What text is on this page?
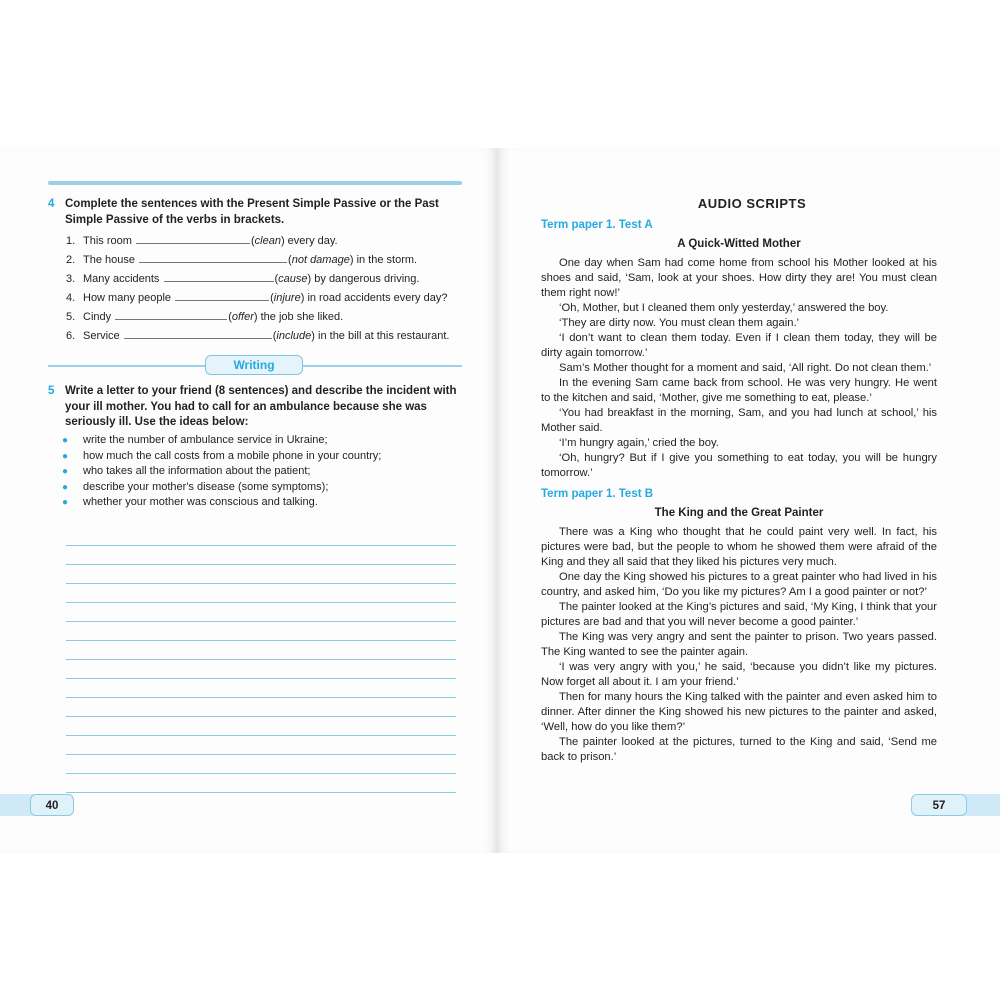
4 Complete the sentences with the Present Simple Passive or the Past Simple Passive of the verbs in brackets.
1. This room	(clean) every day.
2. The house	(not damage) in the storm.
3. Many accidents	(cause) by dangerous driving.
4. How many people	(injure) in road accidents every day?
5. Cindy	(offer) the job she liked.
6. Service	(include) in the bill at this restaurant.
Writing
5 Write a letter to your friend (8 sentences) and describe the incident with your ill mother. You had to call for an ambulance because she was seriously ill. Use the ideas below:
● write the number of ambulance service in Ukraine;
● how much the call costs from a mobile phone in your country;
● who takes all the information about the patient;
● describe your mother's disease (some symptoms);
● whether your mother was conscious and talking.
40
AUDIO SCRIPTS
Term paper 1. Test A
A Quick-Witted Mother

One day when Sam had come home from school his Mother looked at his shoes and said, ‘Sam, look at your shoes. How dirty they are! You must clean them right now!’

‘Oh, Mother, but I cleaned them only yesterday,’ answered the boy.

‘They are dirty now. You must clean them again.’

‘I don’t want to clean them today. Even if I clean them today, they will be dirty again tomorrow.’

Sam’s Mother thought for a moment and said, ‘All right. Do not clean them.’

In the evening Sam came back from school. He was very hungry. He went to the kitchen and said, ‘Mother, give me something to eat, please.’

‘You had breakfast in the morning, Sam, and you had lunch at school,’ his Mother said.

‘I’m hungry again,’ cried the boy.

‘Oh, hungry? But if I give you something to eat today, you will be hungry tomorrow.’

Term paper 1. Test B
The King and the Great Painter

There was a King who thought that he could paint very well. In fact, his pictures were bad, but the people to whom he showed them were afraid of the King and they all said that they liked his pictures very much.

One day the King showed his pictures to a great painter who had lived in his country, and asked him, ‘Do you like my pictures? Am I a good painter or not?’

The painter looked at the King’s pictures and said, ‘My King, I think that your pictures are bad and that you will never become a good painter.’

The King was very angry and sent the painter to prison. Two years passed. The King wanted to see the painter again.

‘I was very angry with you,’ he said, ‘because you didn’t like my pictures. Now forget all about it. I am your friend.’

Then for many hours the King talked with the painter and even asked him to dinner. After dinner the King showed his new pictures to the painter and asked, ‘Well, how do you like them?’

The painter looked at the pictures, turned to the King and said, ‘Send me back to prison.’

57
